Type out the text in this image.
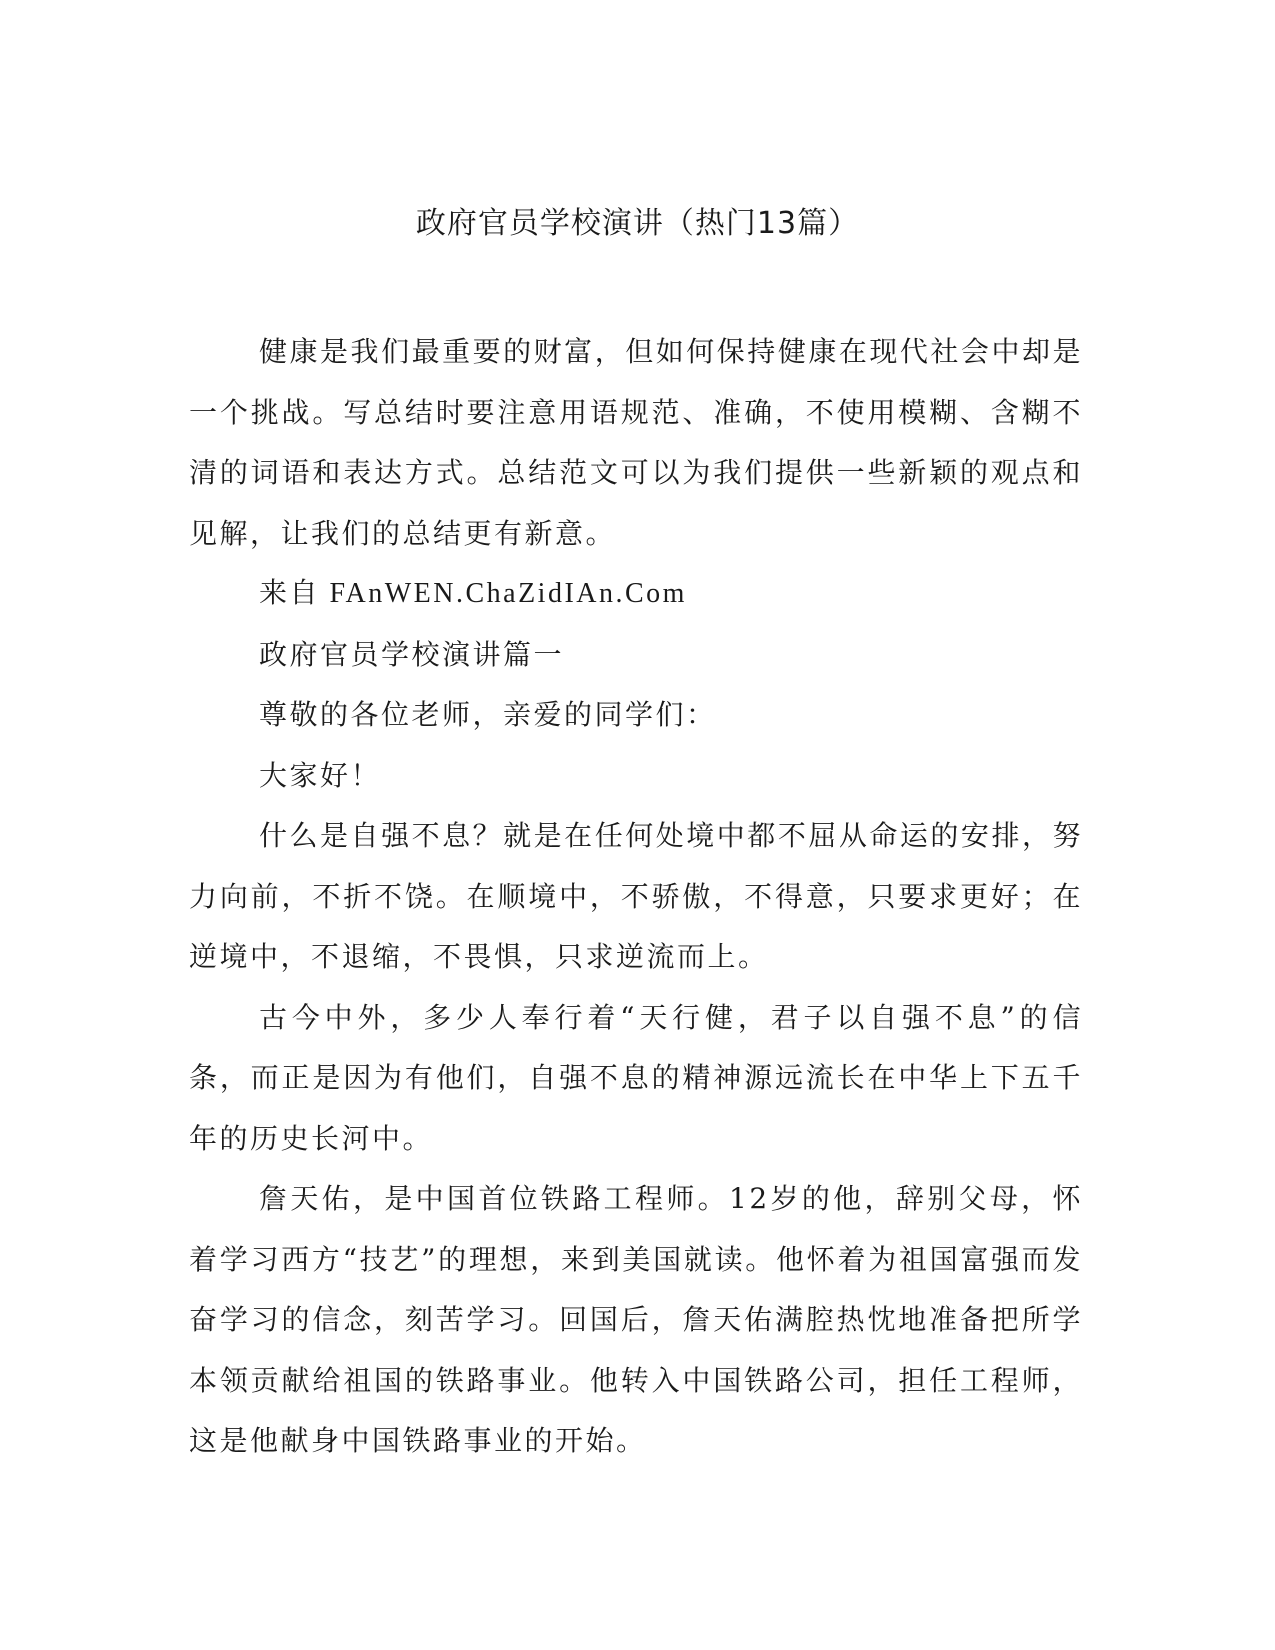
政府官员学校演讲（热门13篇）

健康是我们最重要的财富，但如何保持健康在现代社会中却是一个挑战。写总结时要注意用语规范、准确，不使用模糊、含糊不清的词语和表达方式。总结范文可以为我们提供一些新颖的观点和见解，让我们的总结更有新意。

来自 FAnWEN.ChaZidIAn.Com

政府官员学校演讲篇一

尊敬的各位老师，亲爱的同学们：

大家好！

什么是自强不息？就是在任何处境中都不屈从命运的安排，努力向前，不折不饶。在顺境中，不骄傲，不得意，只要求更好；在逆境中，不退缩，不畏惧，只求逆流而上。

古今中外，多少人奉行着“天行健，君子以自强不息”的信条，而正是因为有他们，自强不息的精神源远流长在中华上下五千年的历史长河中。

詹天佑，是中国首位铁路工程师。12岁的他，辞别父母，怀着学习西方“技艺”的理想，来到美国就读。他怀着为祖国富强而发奋学习的信念，刻苦学习。回国后，詹天佑满腔热忱地准备把所学本领贡献给祖国的铁路事业。他转入中国铁路公司，担任工程师，这是他献身中国铁路事业的开始。
